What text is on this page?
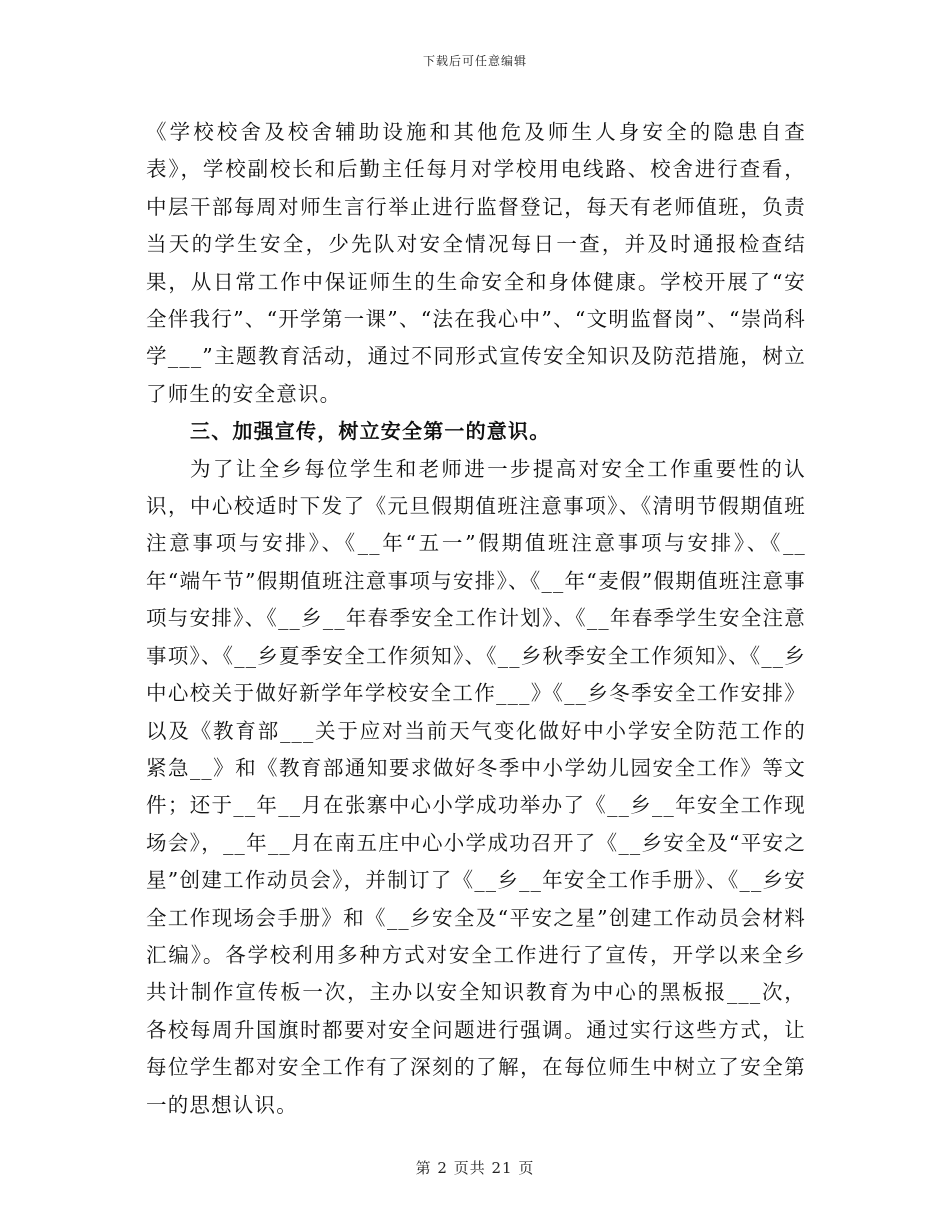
下载后可任意编辑

《学校校舍及校舍辅助设施和其他危及师生人身安全的隐患自查表》，学校副校长和后勤主任每月对学校用电线路、校舍进行查看，中层干部每周对师生言行举止进行监督登记，每天有老师值班，负责当天的学生安全，少先队对安全情况每日一查，并及时通报检查结果，从日常工作中保证师生的生命安全和身体健康。学校开展了“安全伴我行”、“开学第一课”、“法在我心中”、“文明监督岗”、“崇尚科学___”主题教育活动，通过不同形式宣传安全知识及防范措施，树立了师生的安全意识。

三、加强宣传，树立安全第一的意识。

为了让全乡每位学生和老师进一步提高对安全工作重要性的认识，中心校适时下发了《元旦假期值班注意事项》、《清明节假期值班注意事项与安排》、《__年“五一”假期值班注意事项与安排》、《__年“端午节”假期值班注意事项与安排》、《__年“麦假”假期值班注意事项与安排》、《__乡__年春季安全工作计划》、《__年春季学生安全注意事项》、《__乡夏季安全工作须知》、《__乡秋季安全工作须知》、《__乡中心校关于做好新学年学校安全工作___》《__乡冬季安全工作安排》以及《教育部___关于应对当前天气变化做好中小学安全防范工作的紧急__》和《教育部通知要求做好冬季中小学幼儿园安全工作》等文件；还于__年__月在张寨中心小学成功举办了《__乡__年安全工作现场会》，__年__月在南五庄中心小学成功召开了《__乡安全及“平安之星”创建工作动员会》，并制订了《__乡__年安全工作手册》、《__乡安全工作现场会手册》和《__乡安全及“平安之星”创建工作动员会材料汇编》。各学校利用多种方式对安全工作进行了宣传，开学以来全乡共计制作宣传板一次，主办以安全知识教育为中心的黑板报___次，各校每周升国旗时都要对安全问题进行强调。通过实行这些方式，让每位学生都对安全工作有了深刻的了解，在每位师生中树立了安全第一的思想认识。

第 2 页共 21 页
